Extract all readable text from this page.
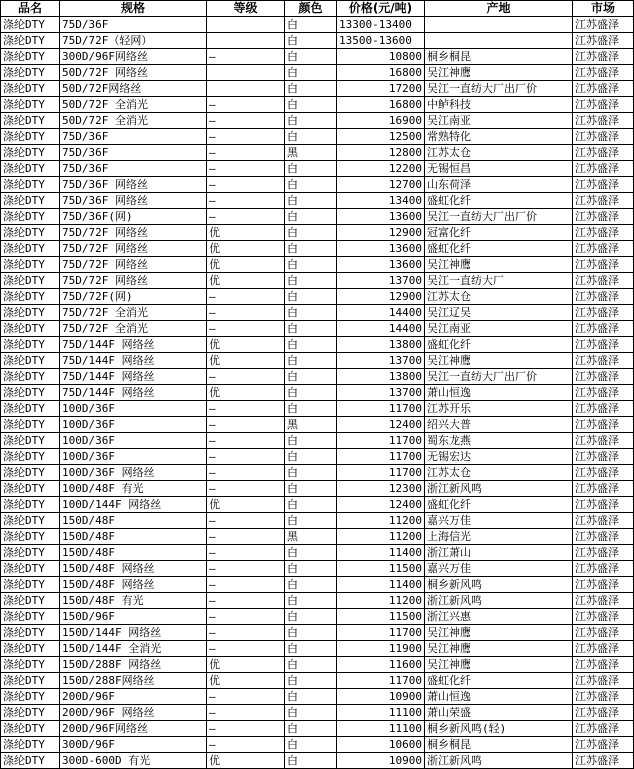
品名	规格	等级	颜色	价格(元/吨)	产地	市场
涤纶DTY	75D/36F		白	13300-13400		江苏盛泽
涤纶DTY	75D/72F（轻网）		白	13500-13600		江苏盛泽
涤纶DTY	300D/96F网络丝	—	白	10800	桐乡桐昆	江苏盛泽
涤纶DTY	50D/72F 网络丝		白	16800	吴江神鹰	江苏盛泽
涤纶DTY	50D/72F网络丝		白	17200	吴江一直纺大厂出厂价	江苏盛泽
涤纶DTY	50D/72F 全消光	—	白	16800	中鲈科技	江苏盛泽
涤纶DTY	50D/72F 全消光	—	白	16900	吴江南亚	江苏盛泽
涤纶DTY	75D/36F	—	白	12500	常熟特化	江苏盛泽
涤纶DTY	75D/36F	—	黑	12800	江苏太仓	江苏盛泽
涤纶DTY	75D/36F	—	白	12200	无锡恒昌	江苏盛泽
涤纶DTY	75D/36F 网络丝	—	白	12700	山东荷泽	江苏盛泽
涤纶DTY	75D/36F 网络丝	—	白	13400	盛虹化纤	江苏盛泽
涤纶DTY	75D/36F(网)	—	白	13600	吴江一直纺大厂出厂价	江苏盛泽
涤纶DTY	75D/72F 网络丝	优	白	12900	冠富化纤	江苏盛泽
涤纶DTY	75D/72F 网络丝	优	白	13600	盛虹化纤	江苏盛泽
涤纶DTY	75D/72F 网络丝	优	白	13600	吴江神鹰	江苏盛泽
涤纶DTY	75D/72F 网络丝	优	白	13700	吴江一直纺大厂	江苏盛泽
涤纶DTY	75D/72F(网)	—	白	12900	江苏太仓	江苏盛泽
涤纶DTY	75D/72F 全消光	—	白	14400	吴江辽吴	江苏盛泽
涤纶DTY	75D/72F 全消光	—	白	14400	吴江南亚	江苏盛泽
涤纶DTY	75D/144F 网络丝	优	白	13800	盛虹化纤	江苏盛泽
涤纶DTY	75D/144F 网络丝	优	白	13700	吴江神鹰	江苏盛泽
涤纶DTY	75D/144F 网络丝	—	白	13800	吴江一直纺大厂出厂价	江苏盛泽
涤纶DTY	75D/144F 网络丝	优	白	13700	萧山恒逸	江苏盛泽
涤纶DTY	100D/36F	—	白	11700	江苏开乐	江苏盛泽
涤纶DTY	100D/36F	—	黑	12400	绍兴大普	江苏盛泽
涤纶DTY	100D/36F	—	白	11700	蜀东龙燕	江苏盛泽
涤纶DTY	100D/36F	—	白	11700	无锡宏达	江苏盛泽
涤纶DTY	100D/36F 网络丝	—	白	11700	江苏太仓	江苏盛泽
涤纶DTY	100D/48F 有光	—	白	12300	浙江新风鸣	江苏盛泽
涤纶DTY	100D/144F 网络丝	优	白	12400	盛虹化纤	江苏盛泽
涤纶DTY	150D/48F	—	白	11200	嘉兴万佳	江苏盛泽
涤纶DTY	150D/48F	—	黑	11200	上海信光	江苏盛泽
涤纶DTY	150D/48F	—	白	11400	浙江萧山	江苏盛泽
涤纶DTY	150D/48F 网络丝	—	白	11500	嘉兴万佳	江苏盛泽
涤纶DTY	150D/48F 网络丝	—	白	11400	桐乡新风鸣	江苏盛泽
涤纶DTY	150D/48F 有光	—	白	11200	浙江新风鸣	江苏盛泽
涤纶DTY	150D/96F	—	白	11500	浙江兴惠	江苏盛泽
涤纶DTY	150D/144F 网络丝	—	白	11700	吴江神鹰	江苏盛泽
涤纶DTY	150D/144F 全消光	—	白	11900	吴江神鹰	江苏盛泽
涤纶DTY	150D/288F 网络丝	优	白	11600	吴江神鹰	江苏盛泽
涤纶DTY	150D/288F网络丝	优	白	11700	盛虹化纤	江苏盛泽
涤纶DTY	200D/96F	—	白	10900	萧山恒逸	江苏盛泽
涤纶DTY	200D/96F 网络丝	—	白	11100	萧山荣盛	江苏盛泽
涤纶DTY	200D/96F网络丝	—	白	11100	桐乡新风鸣(轻)	江苏盛泽
涤纶DTY	300D/96F	—	白	10600	桐乡桐昆	江苏盛泽
涤纶DTY	300D-600D 有光	优	白	10900	浙江新风鸣	江苏盛泽
